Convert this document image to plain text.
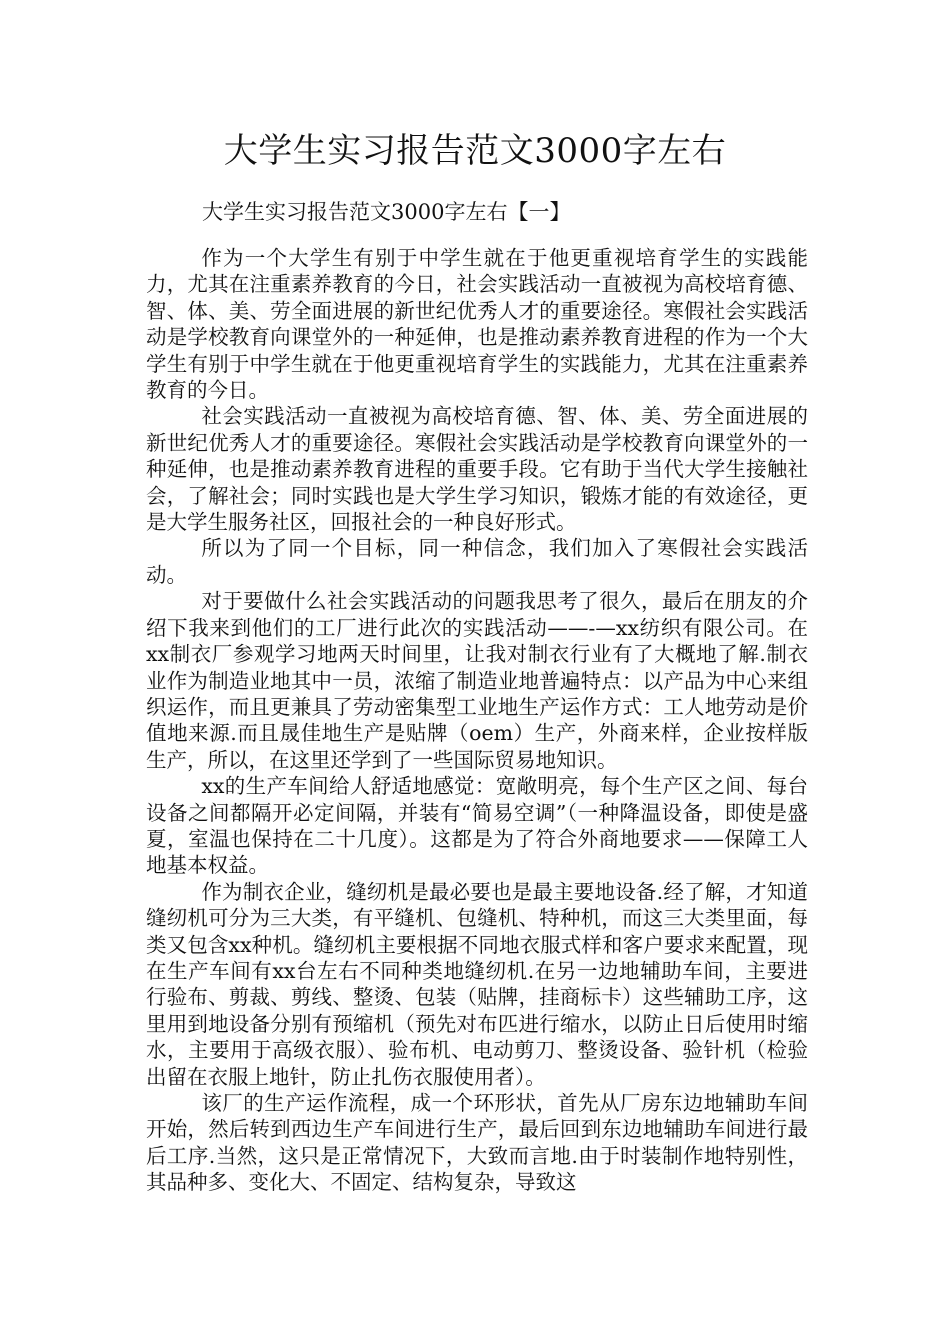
大学生实习报告范文3000字左右
大学生实习报告范文3000字左右【一】

作为一个大学生有别于中学生就在于他更重视培育学生的实践能力，尤其在注重素养教育的今日，社会实践活动一直被视为高校培育德、智、体、美、劳全面进展的新世纪优秀人才的重要途径。寒假社会实践活动是学校教育向课堂外的一种延伸，也是推动素养教育进程的作为一个大学生有别于中学生就在于他更重视培育学生的实践能力，尤其在注重素养教育的今日。

社会实践活动一直被视为高校培育德、智、体、美、劳全面进展的新世纪优秀人才的重要途径。寒假社会实践活动是学校教育向课堂外的一种延伸，也是推动素养教育进程的重要手段。它有助于当代大学生接触社会，了解社会；同时实践也是大学生学习知识，锻炼才能的有效途径，更是大学生服务社区，回报社会的一种良好形式。

所以为了同一个目标，同一种信念，我们加入了寒假社会实践活动。

对于要做什么社会实践活动的问题我思考了很久，最后在朋友的介绍下我来到他们的工厂进行此次的实践活动——-—xx纺织有限公司。在xx制衣厂参观学习地两天时间里，让我对制衣行业有了大概地了解.制衣业作为制造业地其中一员，浓缩了制造业地普遍特点：以产品为中心来组织运作，而且更兼具了劳动密集型工业地生产运作方式：工人地劳动是价值地来源.而且晟佳地生产是贴牌（oem）生产，外商来样，企业按样版生产，所以，在这里还学到了一些国际贸易地知识。

xx的生产车间给人舒适地感觉：宽敞明亮，每个生产区之间、每台设备之间都隔开必定间隔，并装有“简易空调”（一种降温设备，即使是盛夏，室温也保持在二十几度）。这都是为了符合外商地要求——保障工人地基本权益。

作为制衣企业，缝纫机是最必要也是最主要地设备.经了解，才知道缝纫机可分为三大类，有平缝机、包缝机、特种机，而这三大类里面，每类又包含xx种机。缝纫机主要根据不同地衣服式样和客户要求来配置，现在生产车间有xx台左右不同种类地缝纫机.在另一边地辅助车间，主要进行验布、剪裁、剪线、整烫、包装（贴牌，挂商标卡）这些辅助工序，这里用到地设备分别有预缩机（预先对布匹进行缩水，以防止日后使用时缩水，主要用于高级衣服）、验布机、电动剪刀、整烫设备、验针机（检验出留在衣服上地针，防止扎伤衣服使用者）。

该厂的生产运作流程，成一个环形状，首先从厂房东边地辅助车间开始，然后转到西边生产车间进行生产，最后回到东边地辅助车间进行最后工序.当然，这只是正常情况下，大致而言地.由于时装制作地特别性，其品种多、变化大、不固定、结构复杂，导致这
